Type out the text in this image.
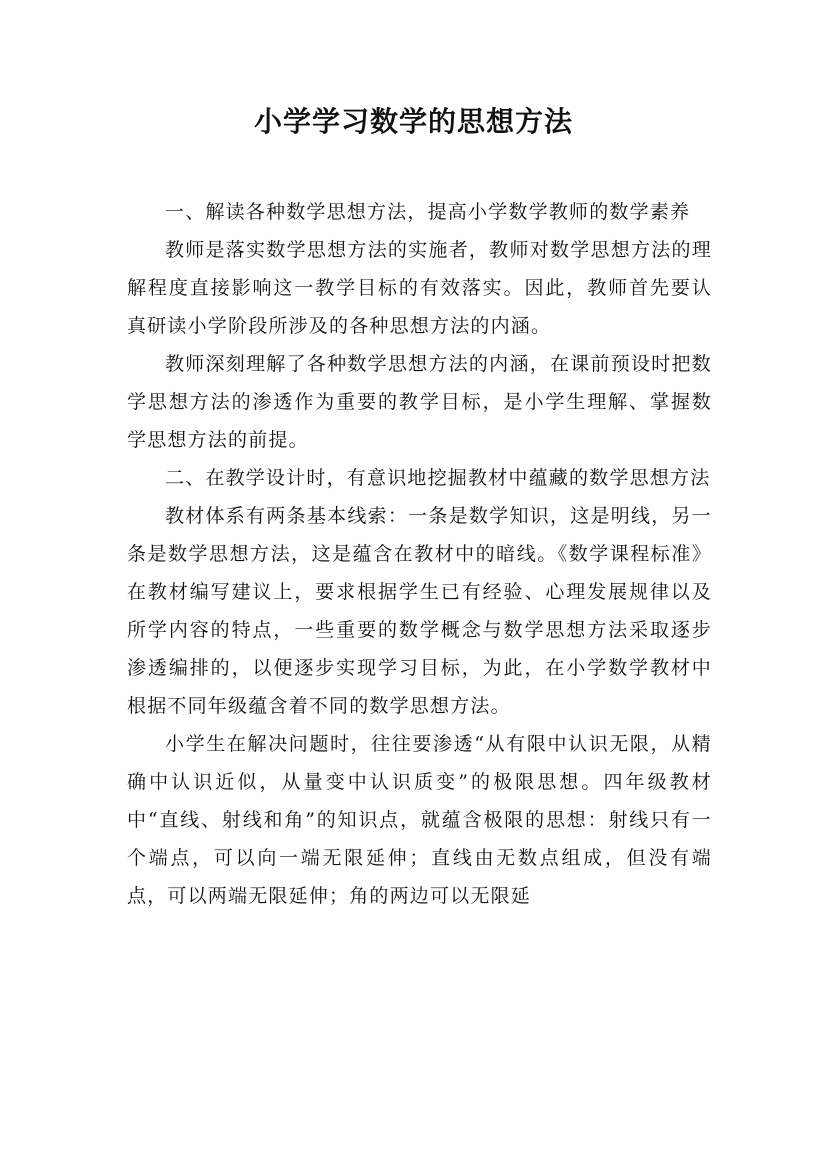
小学学习数学的思想方法

一、解读各种数学思想方法，提高小学数学教师的数学素养

教师是落实数学思想方法的实施者，教师对数学思想方法的理解程度直接影响这一教学目标的有效落实。因此，教师首先要认真研读小学阶段所涉及的各种思想方法的内涵。

教师深刻理解了各种数学思想方法的内涵，在课前预设时把数学思想方法的渗透作为重要的教学目标，是小学生理解、掌握数学思想方法的前提。

二、在教学设计时，有意识地挖掘教材中蕴藏的数学思想方法

教材体系有两条基本线索：一条是数学知识，这是明线，另一条是数学思想方法，这是蕴含在教材中的暗线。《数学课程标准》在教材编写建议上，要求根据学生已有经验、心理发展规律以及所学内容的特点，一些重要的数学概念与数学思想方法采取逐步渗透编排的，以便逐步实现学习目标，为此，在小学数学教材中根据不同年级蕴含着不同的数学思想方法。

小学生在解决问题时，往往要渗透“从有限中认识无限，从精确中认识近似，从量变中认识质变”的极限思想。四年级教材中“直线、射线和角”的知识点，就蕴含极限的思想：射线只有一个端点，可以向一端无限延伸；直线由无数点组成，但没有端点，可以两端无限延伸；角的两边可以无限延
